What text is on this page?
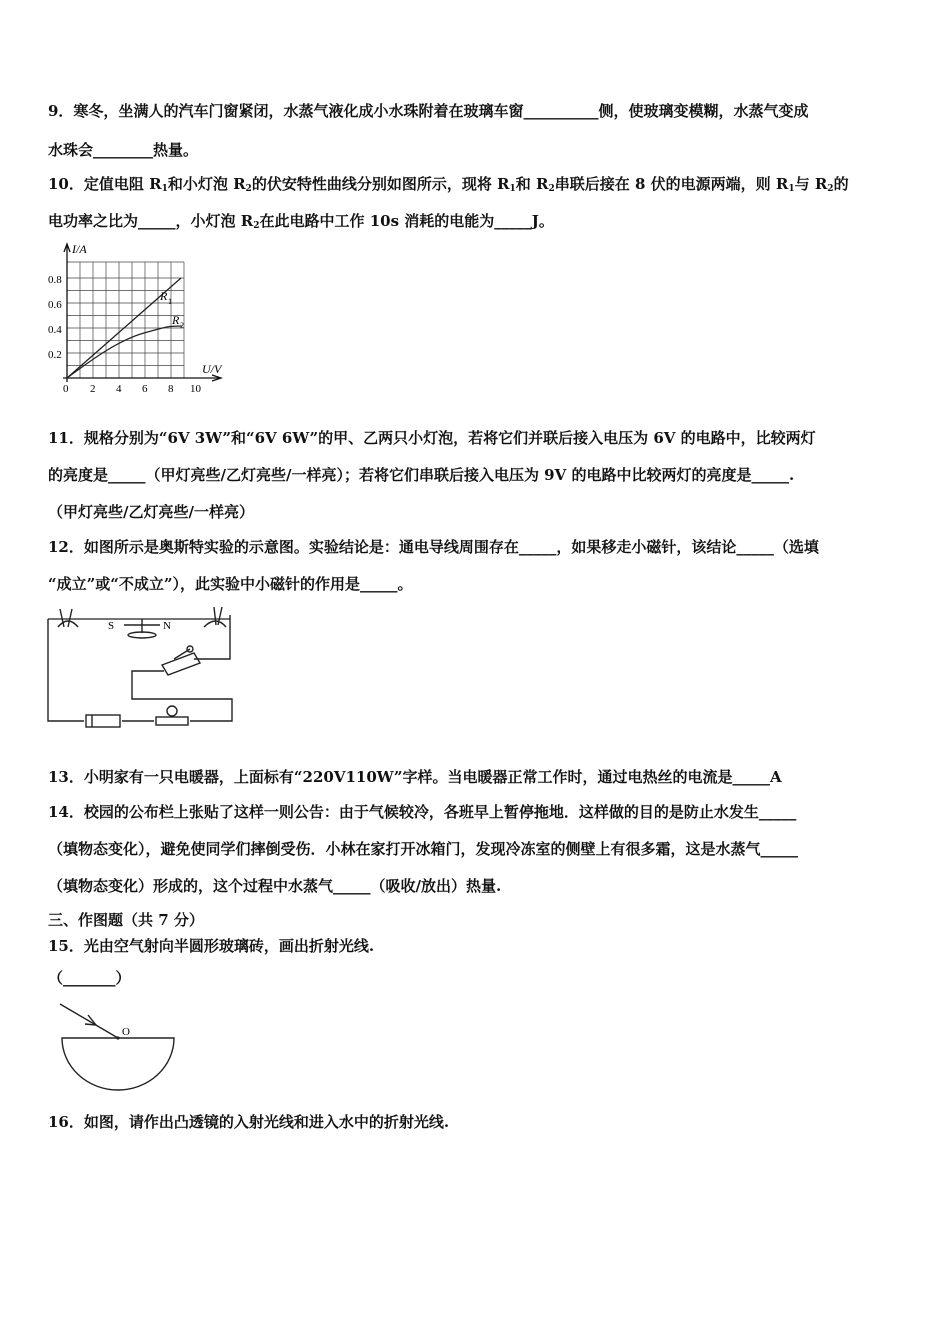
9．寒冬，坐满人的汽车门窗紧闭，水蒸气液化成小水珠附着在玻璃车窗__________侧，使玻璃变模糊，水蒸气变成
水珠会________热量。
10．定值电阻 $R_1$和小灯泡 $R_2$的伏安特性曲线分别如图所示，现将 $R_1$和 $R_2$串联后接在 8 伏的电源两端，则 $R_1$与 $R_2$的
电功率之比为_____，小灯泡 $R_2$在此电路中工作 10s 消耗的电能为_____J。
I/A
U/V
0.8
0.6
0.4
0.2
0 2 4 6 8 10
R 1
R 2
11．规格分别为“6V 3W”和“6V 6W”的甲、乙两只小灯泡，若将它们并联后接入电压为 6V 的电路中，比较两灯
的亮度是_____（甲灯亮些/乙灯亮些/一样亮）；若将它们串联后接入电压为 9V 的电路中比较两灯的亮度是_____.
（甲灯亮些/乙灯亮些/一样亮）
12．如图所示是奥斯特实验的示意图。实验结论是：通电导线周围存在_____，如果移走小磁针，该结论_____（选填
“成立”或“不成立”），此实验中小磁针的作用是_____。
S	N
13．小明家有一只电暖器，上面标有“220V110W”字样。当电暖器正常工作时，通过电热丝的电流是_____A
14．校园的公布栏上张贴了这样一则公告：由于气候较冷，各班早上暂停拖地．这样做的目的是防止水发生_____
（填物态变化），避免使同学们摔倒受伤．小林在家打开冰箱门，发现冷冻室的侧壁上有很多霜，这是水蒸气_____
（填物态变化）形成的，这个过程中水蒸气_____（吸收/放出）热量.
三、作图题（共 7 分）
15．光由空气射向半圆形玻璃砖，画出折射光线.
（_______）
O
16．如图，请作出凸透镜的入射光线和进入水中的折射光线.
